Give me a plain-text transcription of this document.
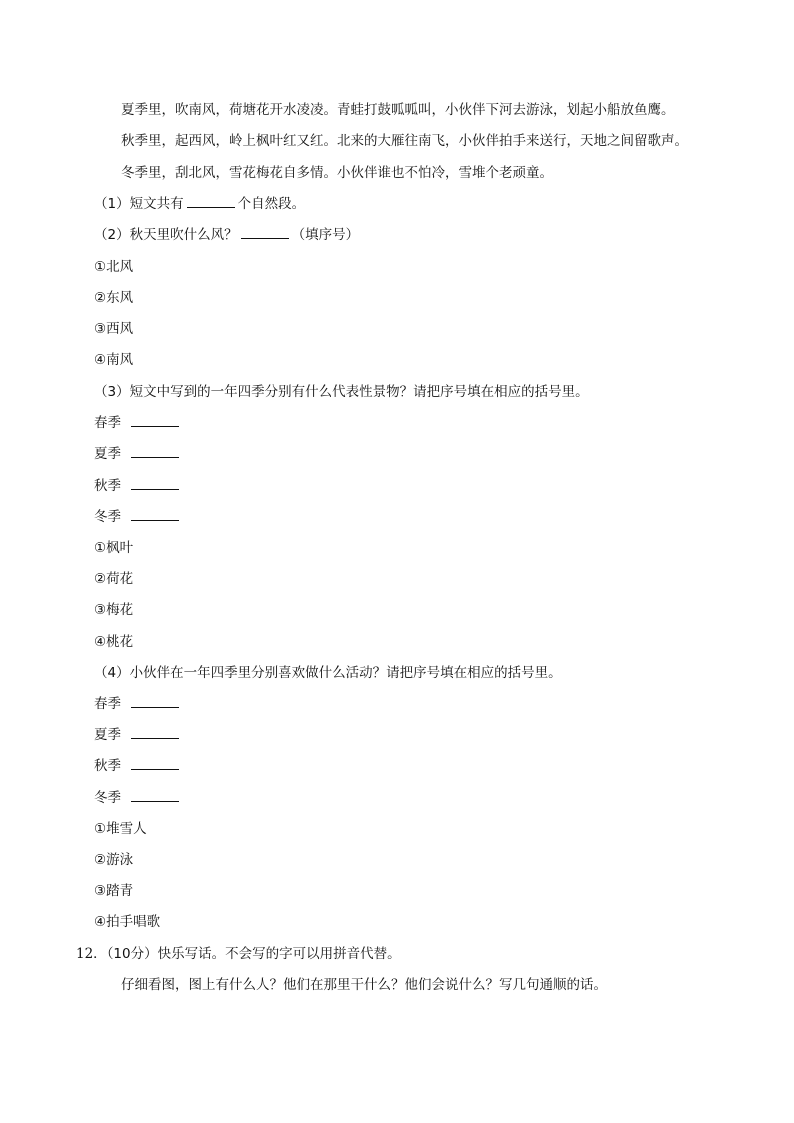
夏季里，吹南风，荷塘花开水凌凌。青蛙打鼓呱呱叫，小伙伴下河去游泳，划起小船放鱼鹰。
秋季里，起西风，岭上枫叶红又红。北来的大雁往南飞，小伙伴拍手来送行，天地之间留歌声。
冬季里，刮北风，雪花梅花自多情。小伙伴谁也不怕冷，雪堆个老顽童。
（1）短文共有	个自然段。
（2）秋天里吹什么风？	（填序号）
①北风
②东风
③西风
④南风
（3）短文中写到的一年四季分别有什么代表性景物？请把序号填在相应的括号里。
春季
夏季
秋季
冬季
①枫叶
②荷花
③梅花
④桃花
（4）小伙伴在一年四季里分别喜欢做什么活动？请把序号填在相应的括号里。
春季
夏季
秋季
冬季
①堆雪人
②游泳
③踏青
④拍手唱歌
12．（10分）快乐写话。不会写的字可以用拼音代替。
仔细看图，图上有什么人？他们在那里干什么？他们会说什么？写几句通顺的话。
